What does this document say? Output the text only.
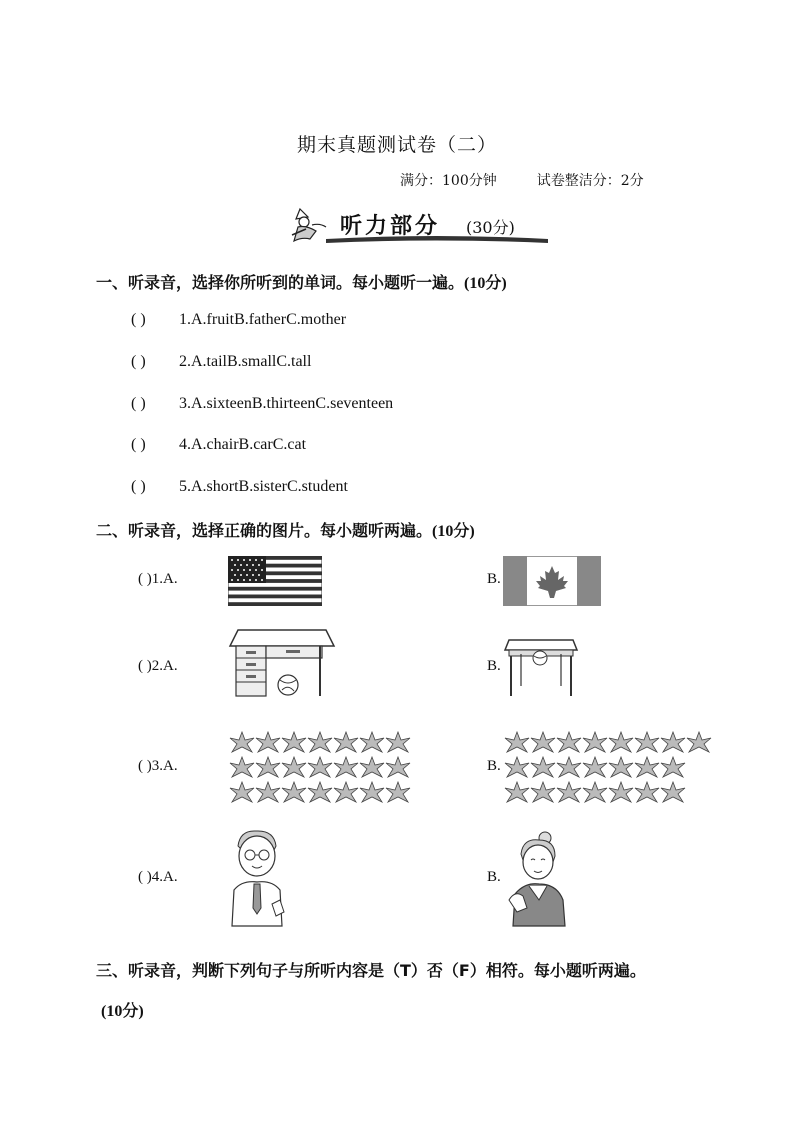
期末真题测试卷（二）
满分：100分钟	试卷整洁分：2分
听力部分 (30分)
一、听录音，选择你所听到的单词。每小题听一遍。(10分)
( ) 1.A.fruitB.fatherC.mother
( ) 2.A.tailB.smallC.tall
( ) 3.A.sixteenB.thirteenC.seventeen
( ) 4.A.chairB.carC.cat
( ) 5.A.shortB.sisterC.student
二、听录音，选择正确的图片。每小题听两遍。(10分)
( )1.A.	B.
( )2.A.	B.
( )3.A.	B.
( )4.A.	B.
三、听录音，判断下列句子与所听内容是（T）否（F）相符。每小题听两遍。
(10分)
